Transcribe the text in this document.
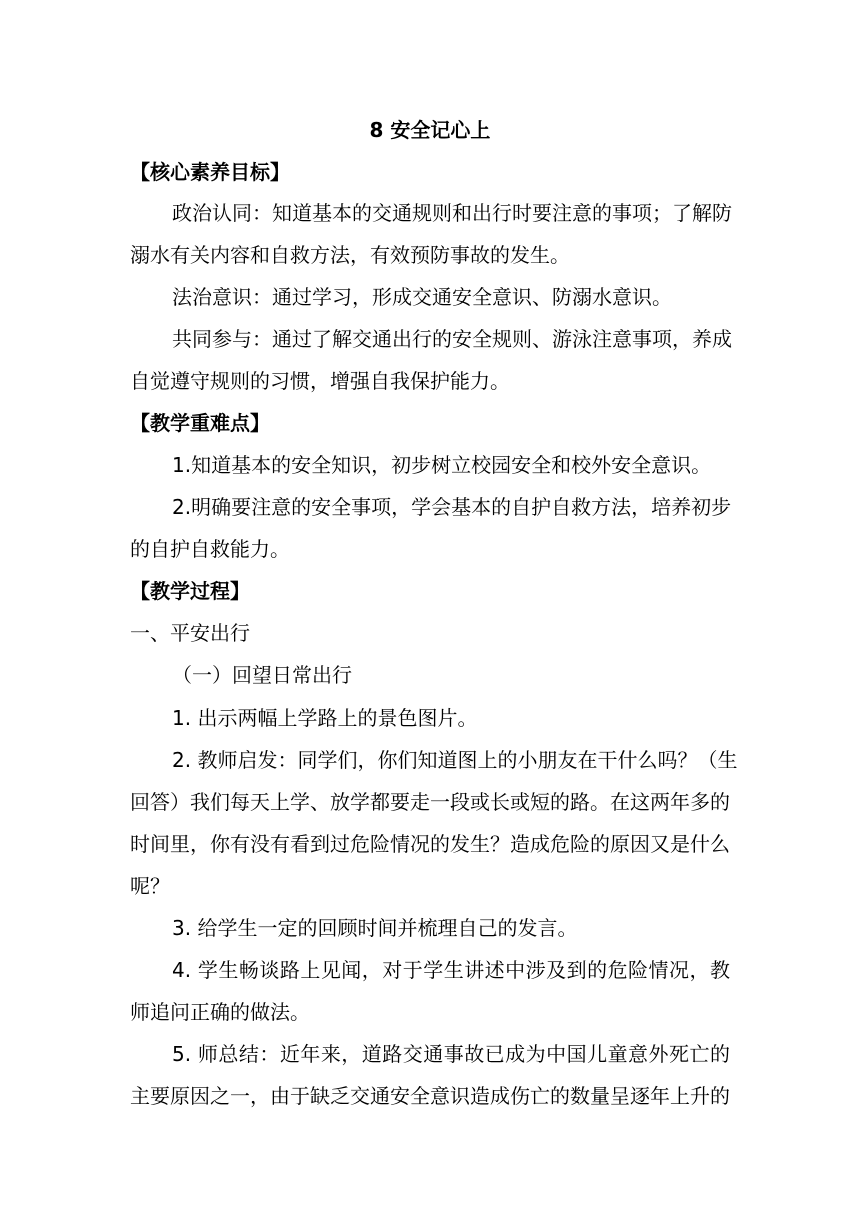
8 安全记心上
【核心素养目标】
政治认同：知道基本的交通规则和出行时要注意的事项；了解防
溺水有关内容和自救方法，有效预防事故的发生。
法治意识：通过学习，形成交通安全意识、防溺水意识。
共同参与：通过了解交通出行的安全规则、游泳注意事项，养成
自觉遵守规则的习惯，增强自我保护能力。
【教学重难点】
1.知道基本的安全知识，初步树立校园安全和校外安全意识。
2.明确要注意的安全事项，学会基本的自护自救方法，培养初步
的自护自救能力。
【教学过程】
一、平安出行
（一）回望日常出行
1. 出示两幅上学路上的景色图片。
2. 教师启发：同学们，你们知道图上的小朋友在干什么吗？（生
回答）我们每天上学、放学都要走一段或长或短的路。在这两年多的
时间里，你有没有看到过危险情况的发生？造成危险的原因又是什么
呢？
3. 给学生一定的回顾时间并梳理自己的发言。
4. 学生畅谈路上见闻，对于学生讲述中涉及到的危险情况，教
师追问正确的做法。
5. 师总结：近年来，道路交通事故已成为中国儿童意外死亡的
主要原因之一，由于缺乏交通安全意识造成伤亡的数量呈逐年上升的
